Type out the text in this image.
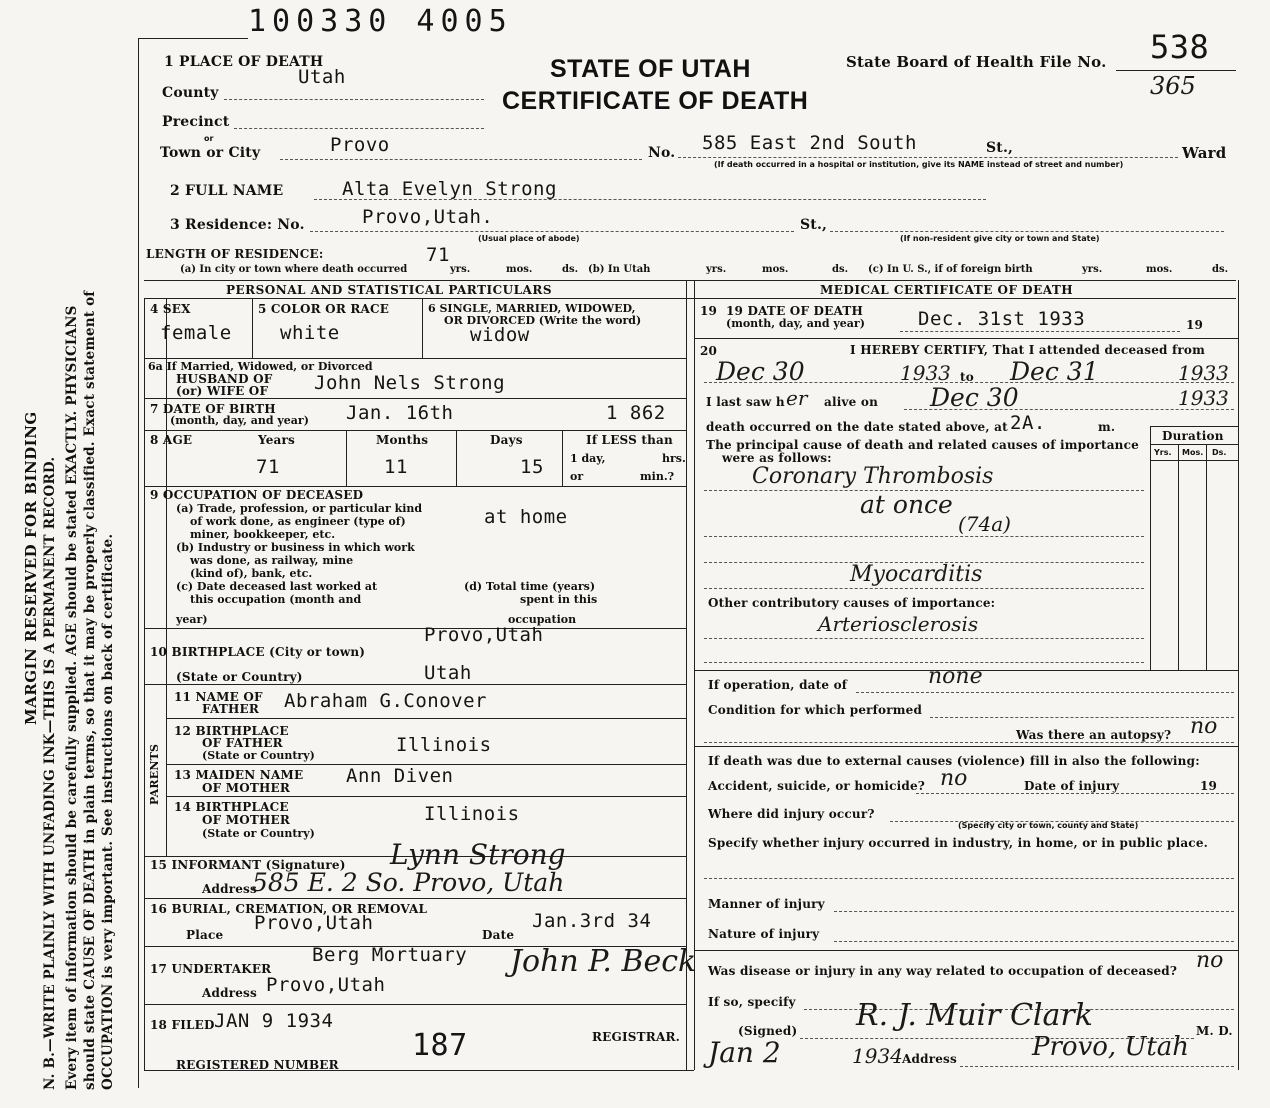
MARGIN RESERVED FOR BINDING N. B.—WRITE PLAINLY WITH UNFADING INK—THIS IS A PERMANENT RECORD. Every item of information should be carefully supplied. AGE should be stated EXACTLY. PHYSICIANS should state CAUSE OF DEATH in plain terms, so that it may be properly classified. Exact statement of OCCUPATION is very important. See instructions on back of certificate.
100330 4005
STATE OF UTAH
CERTIFICATE OF DEATH
State Board of Health File No. 538
365
1 PLACE OF DEATH
Utah
County
Precinct
or
Town or City	Provo	No. 585 East 2nd South	St.,
(If death occurred in a hospital or institution, give its NAME instead of street and number)
Ward
2 FULL NAME	Alta Evelyn Strong
3 Residence: No.	Provo,Utah.	St.,
(Usual place of abode)	(If non-resident give city or town and State)
LENGTH OF RESIDENCE:
(a) In city or town where death occurred
71
yrs.	mos.	ds. (b) In Utah	yrs.	mos.	ds. (c) In U. S., if of foreign birth	yrs.	mos.	ds.
PERSONAL AND STATISTICAL PARTICULARS	MEDICAL CERTIFICATE OF DEATH
4 SEX
female
5 COLOR OR RACE
white
6 SINGLE, MARRIED, WIDOWED,
OR DIVORCED (Write the word)
widow
6a If Married, Widowed, or Divorced
HUSBAND OF
(or) WIFE OF John Nels Strong
7 DATE OF BIRTH
(month, day, and year) Jan. 16th	1 862
8 AGE	Years	Months	Days	If LESS than
71	11	15 1 day,	hrs.
or	min.?
9 OCCUPATION OF DECEASED
(a) Trade, profession, or particular kind
of work done, as engineer (type of)
miner, bookkeeper, etc.
at home
(b) Industry or business in which work
was done, as railway, mine
(kind of), bank, etc.
(c) Date deceased last worked at
this occupation (month and
year)
(d) Total time (years)
spent in this
occupation
Provo,Utah
10 BIRTHPLACE (City or town)
(State or Country)	Utah
PARENTS
11 NAME OF
FATHER Abraham G.Conover
12 BIRTHPLACE
OF FATHER
(State or Country)	Illinois
13 MAIDEN NAME
OF MOTHER
Ann Diven
14 BIRTHPLACE
OF MOTHER
(State or Country)
Illinois
15 INFORMANT (Signature) Lynn Strong
Address
585 E. 2 So. Provo, Utah
16 BURIAL, CREMATION, OR REMOVAL
Provo,Utah
Place	Date
Jan.3rd 34
17 UNDERTAKER
Berg Mortuary John P. Beck
Address Provo,Utah
18 FILED JAN 9 1934
REGISTRAR.
REGISTERED NUMBER
187
19 19 DATE OF DEATH
(month, day, and year)	Dec. 31st 1933	19
20	I HEREBY CERTIFY, That I attended deceased from
Dec 30	1933 to Dec 31	1933
I last saw h er alive on Dec 30	1933
death occurred on the date stated above, at 2A.	m.
The principal cause of death and related causes of importance
were as follows:
Duration
Yrs. Mos. Ds.
Coronary Thrombosis
at once
(74a)
Myocarditis
Other contributory causes of importance:
Arteriosclerosis
If operation, date of	none
Condition for which performed
Was there an autopsy? no
If death was due to external causes (violence) fill in also the following:
Accident, suicide, or homicide? no	Date of injury	19
Where did injury occur?
(Specify city or town, county and State)
Specify whether injury occurred in industry, in home, or in public place.
Manner of injury
Nature of injury
Was disease or injury in any way related to occupation of deceased? no
If so, specify
(Signed) R. J. Muir Clark	M. D.
Jan 2	1934 Address	Provo, Utah
